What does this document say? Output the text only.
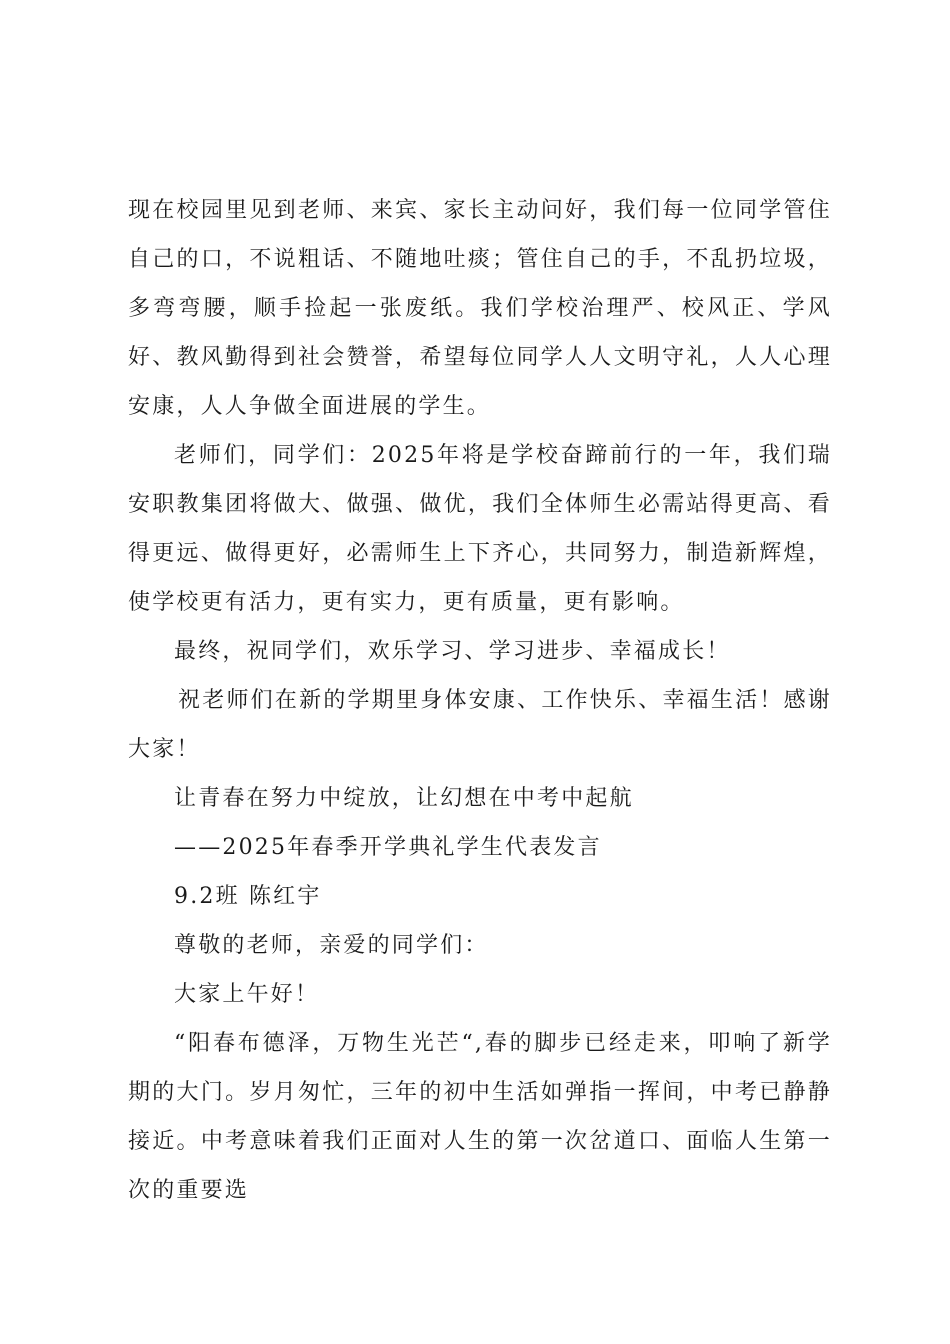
现在校园里见到老师、来宾、家长主动问好，我们每一位同学管住自己的口，不说粗话、不随地吐痰；管住自己的手，不乱扔垃圾，多弯弯腰，顺手捡起一张废纸。我们学校治理严、校风正、学风好、教风勤得到社会赞誉，希望每位同学人人文明守礼，人人心理安康，人人争做全面进展的学生。

老师们，同学们：2025年将是学校奋蹄前行的一年，我们瑞安职教集团将做大、做强、做优，我们全体师生必需站得更高、看得更远、做得更好，必需师生上下齐心，共同努力，制造新辉煌，使学校更有活力，更有实力，更有质量，更有影响。

最终，祝同学们，欢乐学习、学习进步、幸福成长！

祝老师们在新的学期里身体安康、工作快乐、幸福生活！感谢大家！

让青春在努力中绽放，让幻想在中考中起航

——2025年春季开学典礼学生代表发言

9.2班 陈红宇

尊敬的老师，亲爱的同学们：

大家上午好！

“阳春布德泽，万物生光芒“,春的脚步已经走来，叩响了新学期的大门。岁月匆忙，三年的初中生活如弹指一挥间，中考已静静接近。中考意味着我们正面对人生的第一次岔道口、面临人生第一次的重要选
